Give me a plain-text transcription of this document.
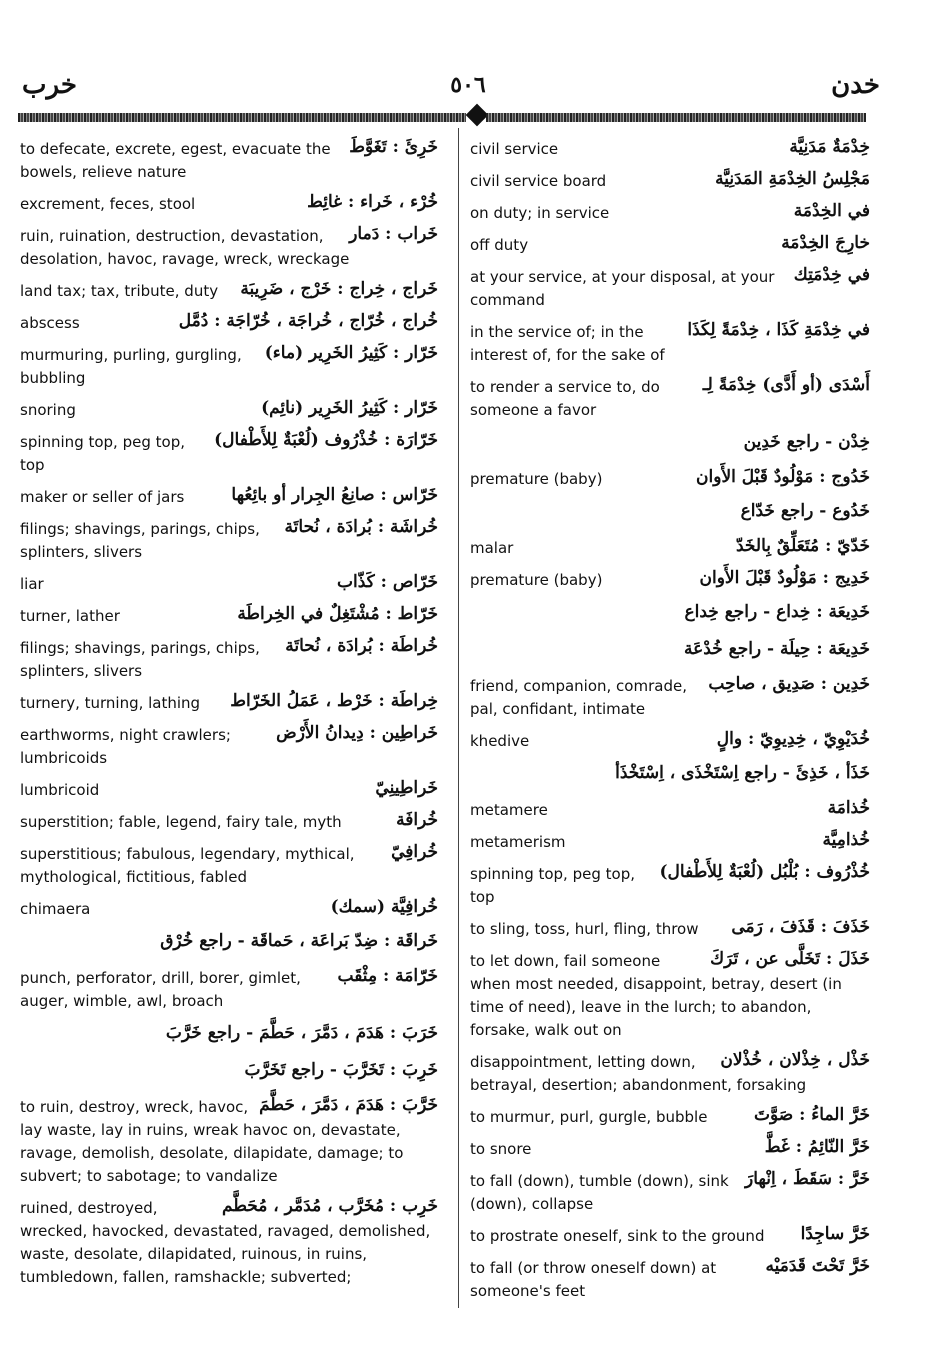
خدن
٥٠٦
خرب
خَرِئَ : تَغَوَّطَ
to defecate, excrete, egest, evacuate the bowels, relieve nature
خُرْء ، خَراء : غائِط
excrement, feces, stool
خَراب : دَمار
ruin, ruination, destruction, devastation, desolation, havoc, ravage, wreck, wreckage
خَراج ، خِراج : خَرْج ، ضَرِيبَة
land tax; tax, tribute, duty
خُراج ، خُرّاج ، خُراجَة ، خُرّاجَة : دُمَّل
abscess
خَرّار : كَثِيرُ الخَرِير (ماء)
murmuring, purling, gurgling, bubbling
خَرّار : كَثِيرُ الخَرِير (نائِم)
snoring
خَرّارَة : خُذْرُوف (لُعْبَةٌ لِلأَطْفال)
spinning top, peg top, top
خَرّاس : صانِعُ الجِرار أو بائِعُها
maker or seller of jars
خُراشَة : بُرادَة ، نُحاتَة
filings; shavings, parings, chips, splinters, slivers
خَرّاص : كَذّاب
liar
خَرّاط : مُشْتَغِلٌ في الخِراطَة
turner, lather
خُراطَة : بُرادَة ، نُحاتَة
filings; shavings, parings, chips, splinters, slivers
خِراطَة : خَرْط ، عَمَلُ الخَرّاط
turnery, turning, lathing
خَراطِين : دِيدانُ الأَرْض
earthworms, night crawlers; lumbricoids
خَراطِينِيّ
lumbricoid
خُرافَة
superstition; fable, legend, fairy tale, myth
خُرافِيّ
superstitious; fabulous, legendary, mythical, mythological, fictitious, fabled
خُرافِيَّة (سمك)
chimaera
خَراقَة : ضِدّ بَراعَة ، حَماقَة - راجع خُرْق
خَرّامَة : مِثْقَب
punch, perforator, drill, borer, gimlet, auger, wimble, awl, broach
خَرَبَ : هَدَمَ ، دَمَّرَ ، حَطَّمَ - راجع خَرَّبَ
خَرِبَ : تَخَرَّبَ - راجع تَخَرَّبَ
خَرَّبَ : هَدَمَ ، دَمَّرَ ، حَطَّمَ
to ruin, destroy, wreck, havoc, lay waste, lay in ruins, wreak havoc on, devastate, ravage, demolish, desolate, dilapidate, damage; to subvert; to sabotage; to vandalize
خَرِب : مُخَرَّب ، مُدَمَّر ، مُحَطَّم
ruined, destroyed, wrecked, havocked, devastated, ravaged, demolished, waste, desolate, dilapidated, ruinous, in ruins, tumbledown, fallen, ramshackle; subverted;
خِدْمَةٌ مَدَنِيَّة
civil service
مَجْلِسُ الخِدْمَةِ المَدَنِيَّة
civil service board
في الخِدْمَة
on duty; in service
خارِجَ الخِدْمَة
off duty
في خِدْمَتِك
at your service, at your disposal, at your command
في خِدْمَةِ كَذَا ، خِدْمَةً لِكَذَا
in the service of; in the interest of, for the sake of
أَسْدَى (أو أَدَّى) خِدْمَةً لِـ
to render a service to, do someone a favor
خِدْن - راجع خَدِين
خَدُوج : مَوْلُودٌ قَبْلَ الأَوان
premature (baby)
خَدُوع - راجع خَدّاع
خَدّيّ : مُتَعَلِّقٌ بِالخَدّ
malar
خَدِيج : مَوْلُودٌ قَبْلَ الأَوان
premature (baby)
خَدِيعَة : خِداع - راجع خِداع
خَدِيعَة : حِيلَة - راجع خُدْعَة
خَدِين : صَدِيق ، صاحِب
friend, companion, comrade, pal, confidant, intimate
خُدَيْوِيّ ، خِدِيوِيّ : والٍ
khedive
خَذَأ ، خَذِئَ - راجع اِسْتَخْذَى ، اِسْتَخْذَأ
خُذامَة
metamere
خُذامِيَّة
metamerism
خُذْرُوف : بُلْبُل (لُعْبَةٌ لِلأَطْفال)
spinning top, peg top, top
خَذَفَ : قَذَفَ ، رَمَى
to sling, toss, hurl, fling, throw
خَذَلَ : تَخَلَّى عن ، تَرَكَ
to let down, fail someone when most needed, disappoint, betray, desert (in time of need), leave in the lurch; to abandon, forsake, walk out on
خَذْل ، خِذْلان ، خُذْلان
disappointment, letting down, betrayal, desertion; abandonment, forsaking
خَرَّ الماءُ : صَوَّتَ
to murmur, purl, gurgle, bubble
خَرَّ النّائِمُ : غَطَّ
to snore
خَرَّ : سَقَطَ ، اِنْهارَ
to fall (down), tumble (down), sink (down), collapse
خَرَّ ساجِدًا
to prostrate oneself, sink to the ground
خَرَّ تَحْتَ قَدَمَيْه
to fall (or throw oneself down) at someone's feet
